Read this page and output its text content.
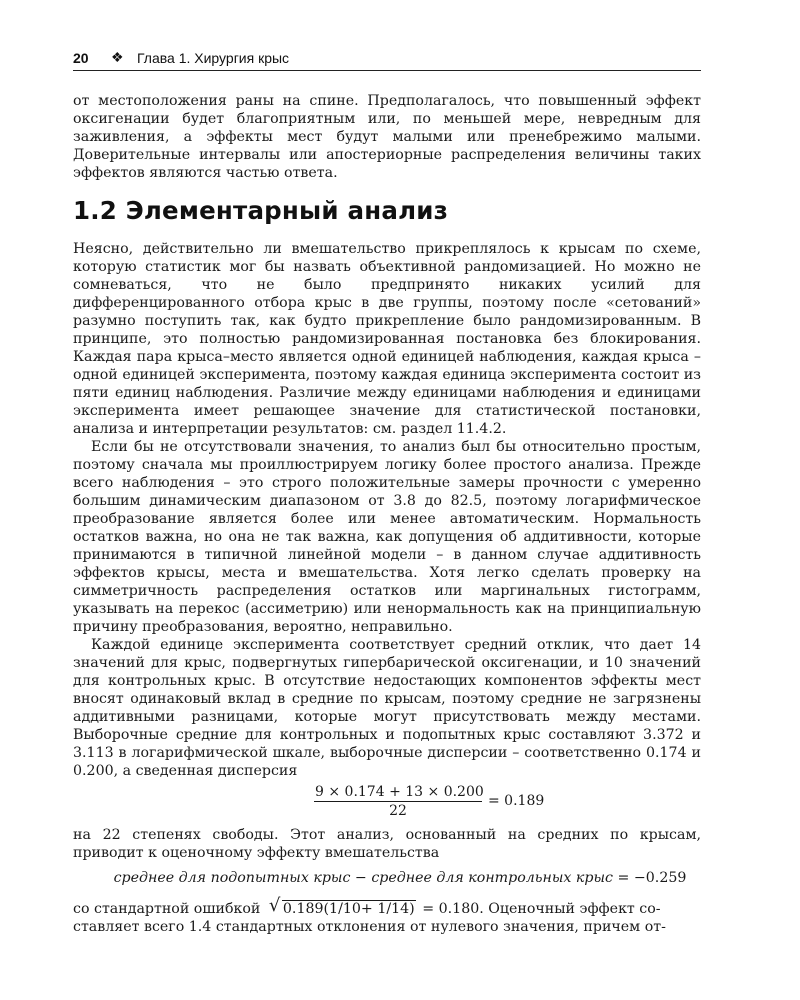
20 ❖ Глава 1. Хирургия крыс

от местоположения раны на спине. Предполагалось, что повышенный эффект оксигенации будет благоприятным или, по меньшей мере, невредным для заживления, а эффекты мест будут малыми или пренебрежимо малыми. Доверительные интервалы или апостериорные распределения величины таких эффектов являются частью ответа.

1.2 Элементарный анализ

Неясно, действительно ли вмешательство прикреплялось к крысам по схеме, которую статистик мог бы назвать объективной рандомизацией. Но можно не сомневаться, что не было предпринято никаких усилий для дифференцированного отбора крыс в две группы, поэтому после «сетований» разумно поступить так, как будто прикрепление было рандомизированным. В принципе, это полностью рандомизированная постановка без блокирования. Каждая пара крыса–место является одной единицей наблюдения, каждая крыса – одной единицей эксперимента, поэтому каждая единица эксперимента состоит из пяти единиц наблюдения. Различие между единицами наблюдения и единицами эксперимента имеет решающее значение для статистической постановки, анализа и интерпретации результатов: см. раздел 11.4.2.

Если бы не отсутствовали значения, то анализ был бы относительно простым, поэтому сначала мы проиллюстрируем логику более простого анализа. Прежде всего наблюдения – это строго положительные замеры прочности с умеренно большим динамическим диапазоном от 3.8 до 82.5, поэтому логарифмическое преобразование является более или менее автоматическим. Нормальность остатков важна, но она не так важна, как допущения об аддитивности, которые принимаются в типичной линейной модели – в данном случае аддитивность эффектов крысы, места и вмешательства. Хотя легко сделать проверку на симметричность распределения остатков или маргинальных гистограмм, указывать на перекос (ассиметрию) или ненормальность как на принципиальную причину преобразования, вероятно, неправильно.

Каждой единице эксперимента соответствует средний отклик, что дает 14 значений для крыс, подвергнутых гипербарической оксигенации, и 10 значений для контрольных крыс. В отсутствие недостающих компонентов эффекты мест вносят одинаковый вклад в средние по крысам, поэтому средние не загрязнены аддитивными разницами, которые могут присутствовать между местами. Выборочные средние для контрольных и подопытных крыс составляют 3.372 и 3.113 в логарифмической шкале, выборочные дисперсии – соответственно 0.174 и 0.200, а сведенная дисперсия

$\frac{9 \times 0.174 + 13 \times 0.200}{22} = 0.189$

на 22 степенях свободы. Этот анализ, основанный на средних по крысам, приводит к оценочному эффекту вмешательства

среднее для подопытных крыс − среднее для контрольных крыс = −0.259
со стандартной ошибкой √ 0.189(1/10+ 1/14) = 0.180. Оценочный эффект со-

ставляет всего 1.4 стандартных отклонения от нулевого значения, причем от-
